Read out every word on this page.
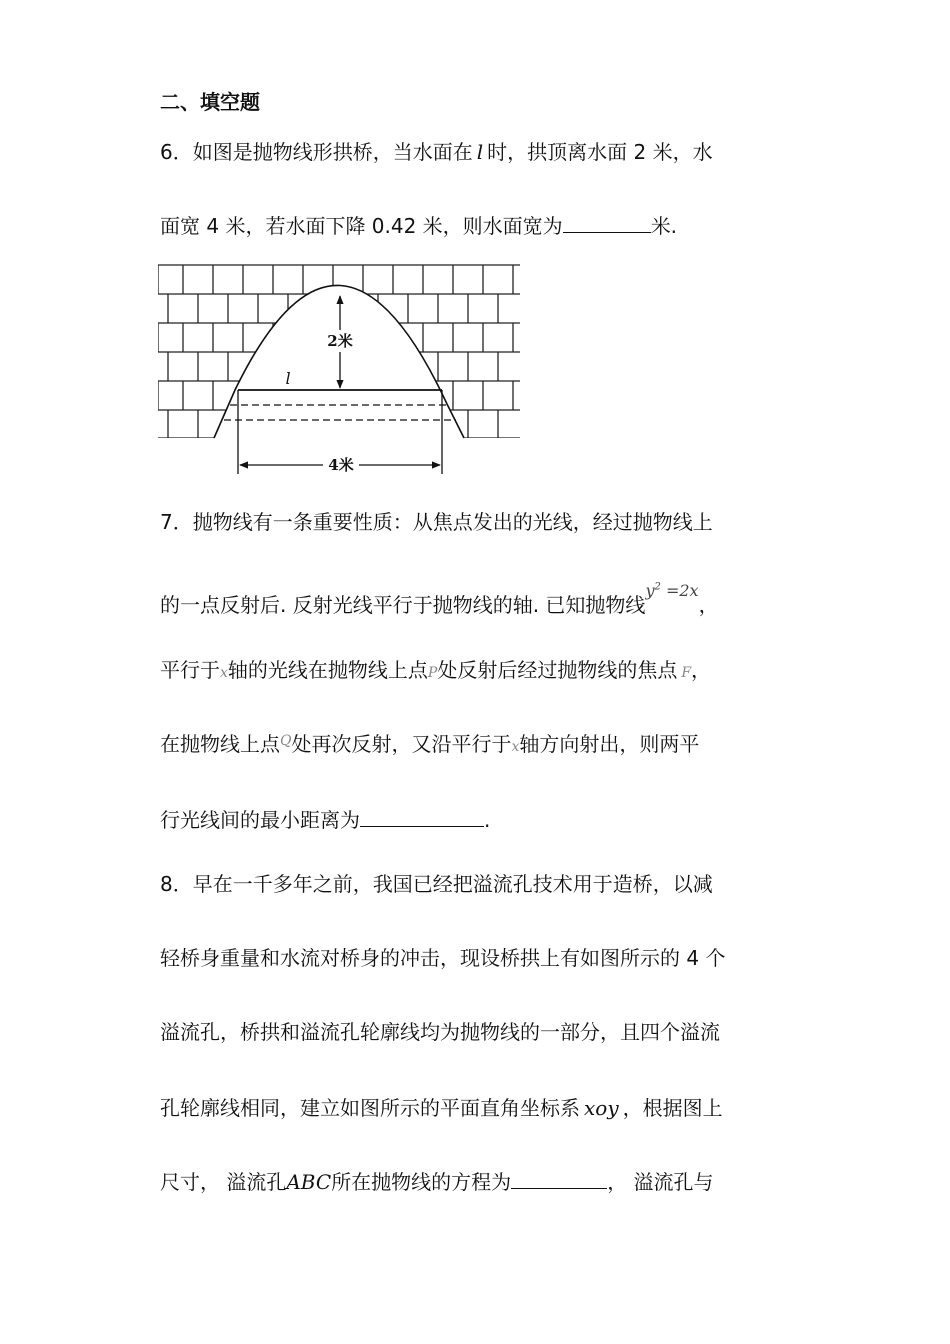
二、填空题
6．如图是抛物线形拱桥，当水面在 l 时，拱顶离水面 2 米，水
面宽 4 米，若水面下降 0.42 米，则水面宽为	米.
2米
l
4米
7．抛物线有一条重要性质：从焦点发出的光线，经过抛物线上
的一点反射后. 反射光线平行于抛物线的轴. 已知抛物线$^{y^2 =2x}$，
平行于x轴的光线在抛物线上点P处反射后经过抛物线的焦点 F，
在抛物线上点$^Q$处再次反射，又沿平行于x轴方向射出，则两平
行光线间的最小距离为	.
8．早在一千多年之前，我国已经把溢流孔技术用于造桥，以减
轻桥身重量和水流对桥身的冲击，现设桥拱上有如图所示的 4 个
溢流孔，桥拱和溢流孔轮廓线均为抛物线的一部分，且四个溢流
孔轮廓线相同，建立如图所示的平面直角坐标系 xoy ，根据图上
尺寸， 溢流孔ABC所在抛物线的方程为	， 溢流孔与
